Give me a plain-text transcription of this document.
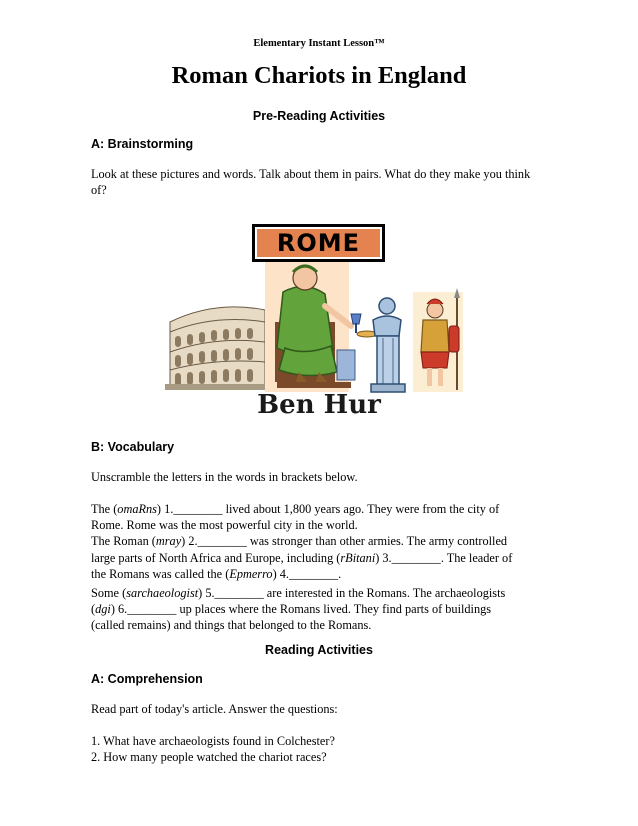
Elementary Instant Lesson™
Roman Chariots in England
Pre-Reading Activities
A: Brainstorming

Look at these pictures and words. Talk about them in pairs. What do they make you think

of?

ROME
Ben Hur
B: Vocabulary
Unscramble the letters in the words in brackets below.

The (omaRns) 1.________ lived about 1,800 years ago. They were from the city of

Rome. Rome was the most powerful city in the world.

The Roman (mray) 2.________ was stronger than other armies. The army controlled

large parts of North Africa and Europe, including (rBitani) 3.________. The leader of

the Romans was called the (Epmerro) 4.________.

Some (sarchaeologist) 5.________ are interested in the Romans. The archaeologists

(dgi) 6.________ up places where the Romans lived. They find parts of buildings

(called remains) and things that belonged to the Romans.

Reading Activities
A: Comprehension
Read part of today's article. Answer the questions:

1. What have archaeologists found in Colchester?

2. How many people watched the chariot races?
